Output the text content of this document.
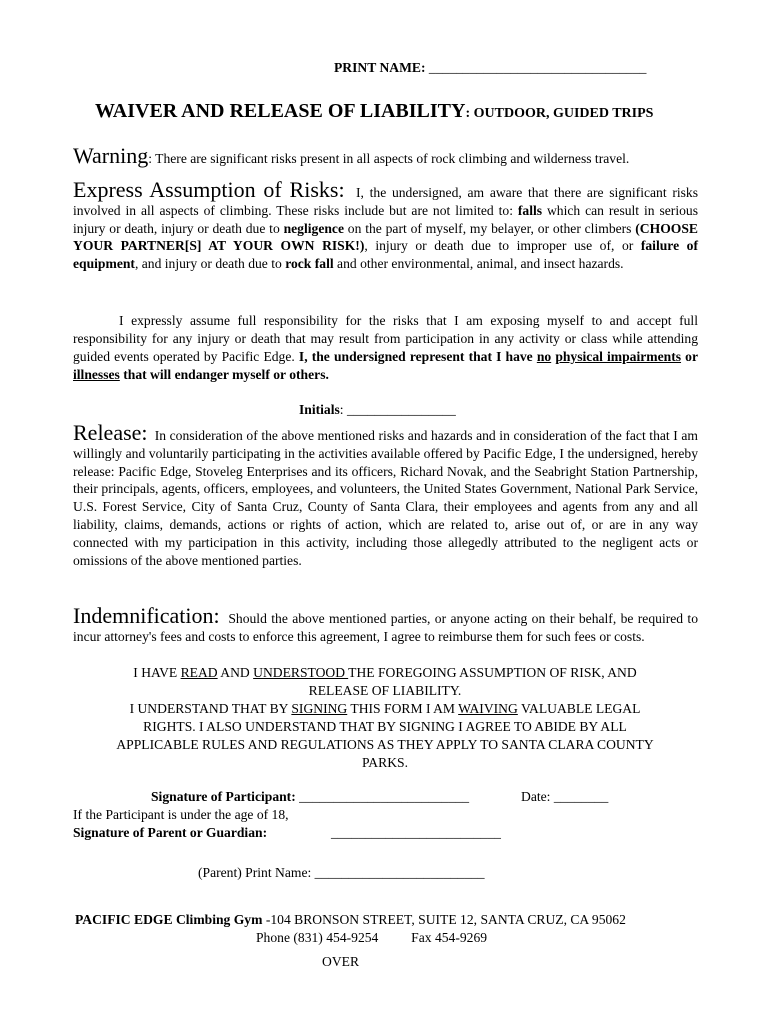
PRINT NAME: ________________________________
WAIVER AND RELEASE OF LIABILITY: OUTDOOR, GUIDED TRIPS
Warning: There are significant risks present in all aspects of rock climbing and wilderness travel.
Express Assumption of Risks: I, the undersigned, am aware that there are significant risks involved in all aspects of climbing. These risks include but are not limited to: falls which can result in serious injury or death, injury or death due to negligence on the part of myself, my belayer, or other climbers (CHOOSE YOUR PARTNER[S] AT YOUR OWN RISK!), injury or death due to improper use of, or failure of equipment, and injury or death due to rock fall and other environmental, animal, and insect hazards.
I expressly assume full responsibility for the risks that I am exposing myself to and accept full responsibility for any injury or death that may result from participation in any activity or class while attending guided events operated by Pacific Edge. I, the undersigned represent that I have no physical impairments or illnesses that will endanger myself or others.
Initials: ________________
Release: In consideration of the above mentioned risks and hazards and in consideration of the fact that I am willingly and voluntarily participating in the activities available offered by Pacific Edge, I the undersigned, hereby release: Pacific Edge, Stoveleg Enterprises and its officers, Richard Novak, and the Seabright Station Partnership, their principals, agents, officers, employees, and volunteers, the United States Government, National Park Service, U.S. Forest Service, City of Santa Cruz, County of Santa Clara, their employees and agents from any and all liability, claims, demands, actions or rights of action, which are related to, arise out of, or are in any way connected with my participation in this activity, including those allegedly attributed to the negligent acts or omissions of the above mentioned parties.
Indemnification: Should the above mentioned parties, or anyone acting on their behalf, be required to incur attorney's fees and costs to enforce this agreement, I agree to reimburse them for such fees or costs.
I HAVE READ AND UNDERSTOOD THE FOREGOING ASSUMPTION OF RISK, AND
RELEASE OF LIABILITY.
I UNDERSTAND THAT BY SIGNING THIS FORM I AM WAIVING VALUABLE LEGAL
RIGHTS. I ALSO UNDERSTAND THAT BY SIGNING I AGREE TO ABIDE BY ALL
APPLICABLE RULES AND REGULATIONS AS THEY APPLY TO SANTA CLARA COUNTY
PARKS.
Signature of Participant: _________________________	Date: ________
If the Participant is under the age of 18,
Signature of Parent or Guardian:	_________________________
(Parent) Print Name: _________________________
PACIFIC EDGE Climbing Gym -104 BRONSON STREET, SUITE 12, SANTA CRUZ, CA 95062
Phone (831) 454-9254 Fax 454-9269
OVER
